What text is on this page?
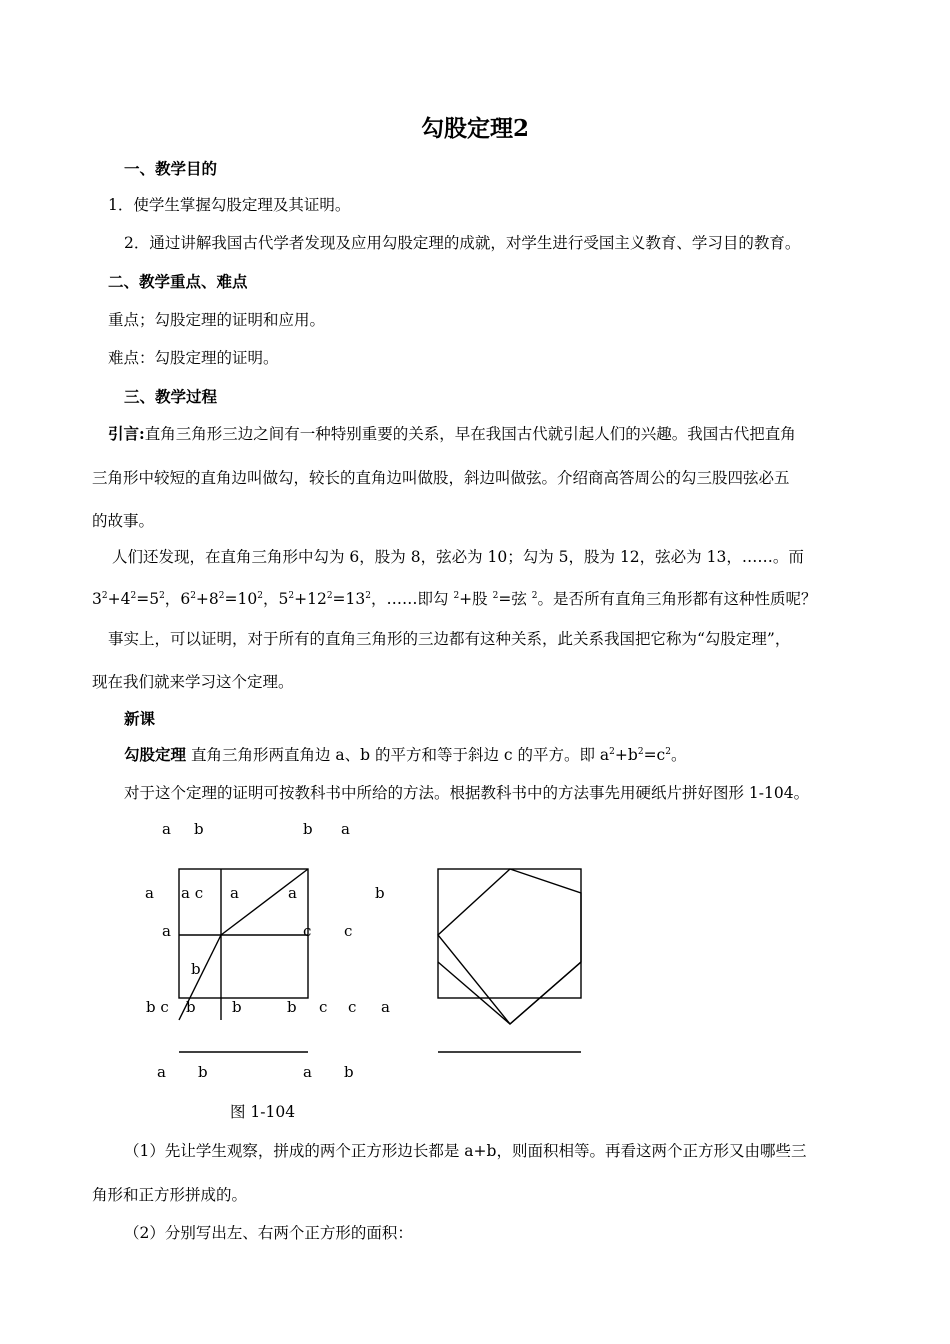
勾股定理2
一、教学目的
1．使学生掌握勾股定理及其证明。
2．通过讲解我国古代学者发现及应用勾股定理的成就，对学生进行受国主义教育、学习目的教育。
二、教学重点、难点
重点；勾股定理的证明和应用。
难点：勾股定理的证明。
三、教学过程
引言:直角三角形三边之间有一种特别重要的关系，早在我国古代就引起人们的兴趣。我国古代把直角
三角形中较短的直角边叫做勾，较长的直角边叫做股，斜边叫做弦。介绍商高答周公的勾三股四弦必五
的故事。
人们还发现，在直角三角形中勾为 6，股为 8，弦必为 10；勾为 5，股为 12，弦必为 13，……。而
$3^2+4^2=5^2$，$6^2+8^2=10^2$，$5^2+12^2=13^2$，……即勾 $^2$+股 $^2$=弦 $^2$。是否所有直角三角形都有这种性质呢？
事实上，可以证明，对于所有的直角三角形的三边都有这种关系，此关系我国把它称为“勾股定理”，
现在我们就来学习这个定理。
新课
勾股定理 直角三角形两直角边 a、b 的平方和等于斜边 c 的平方。即 $a^2+b^2=c^2$。
对于这个定理的证明可按教科书中所给的方法。根据教科书中的方法事先用硬纸片拼好图形 1-104。
a b	b a
a a c a	a	b
a	c c
b
b c b b	b c c a
a b	a b
图 1-104
（1）先让学生观察，拼成的两个正方形边长都是 a+b，则面积相等。再看这两个正方形又由哪些三
角形和正方形拼成的。
（2）分别写出左、右两个正方形的面积：
